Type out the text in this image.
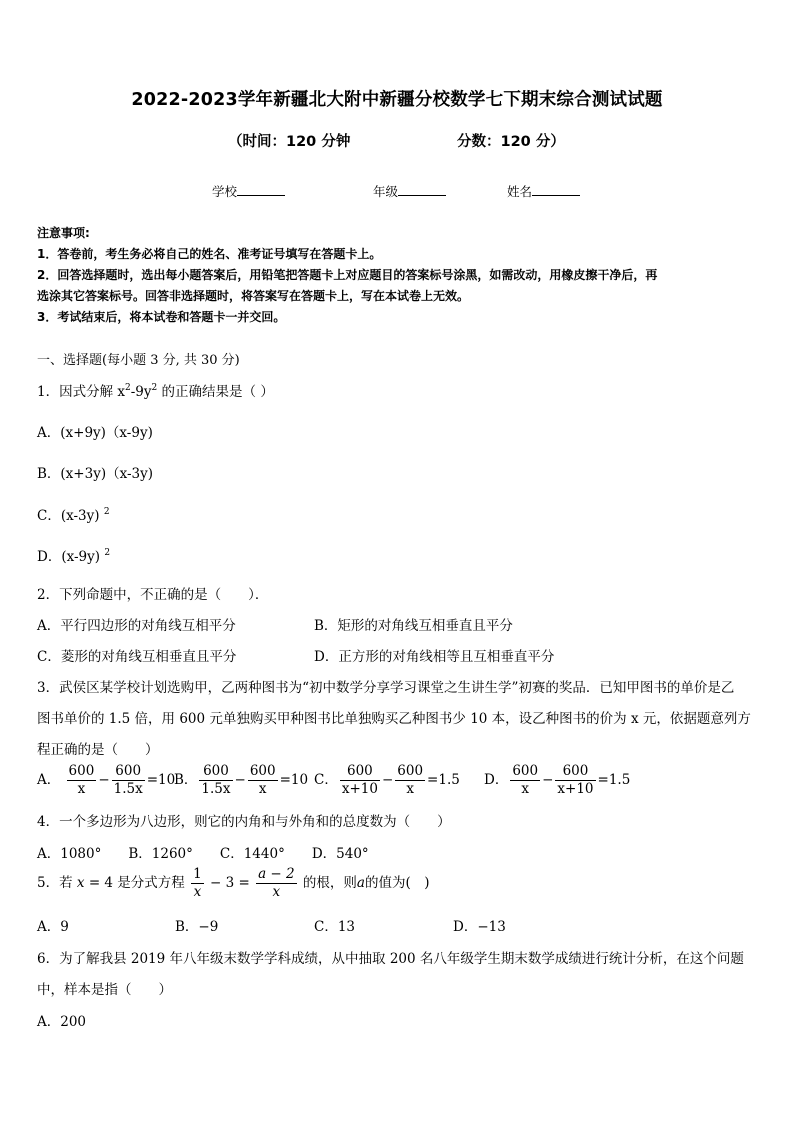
2022-2023学年新疆北大附中新疆分校数学七下期末综合测试试题
（时间：120 分钟	分数：120 分）
学校	年级	姓名
注意事项:
1．答卷前，考生务必将自己的姓名、准考证号填写在答题卡上。
2．回答选择题时，选出每小题答案后，用铅笔把答题卡上对应题目的答案标号涂黑，如需改动，用橡皮擦干净后，再
选涂其它答案标号。回答非选择题时，将答案写在答题卡上，写在本试卷上无效。
3．考试结束后，将本试卷和答题卡一并交回。
一、选择题(每小题 3 分, 共 30 分)
1．因式分解 $x^2-9y^2$ 的正确结果是（ ）
A．(x+9y)（x-9y)
B．(x+3y)（x-3y)
C．(x-3y) $^2$
D．(x-9y) $^2$
2．下列命题中，不正确的是（　　）．
A．平行四边形的对角线互相平分	B．矩形的对角线互相垂直且平分
C．菱形的对角线互相垂直且平分	D．正方形的对角线相等且互相垂直平分
3．武侯区某学校计划选购甲，乙两种图书为“初中数学分享学习课堂之生讲生学”初赛的奖品．已知甲图书的单价是乙
图书单价的 1.5 倍，用 600 元单独购买甲种图书比单独购买乙种图书少 10 本，设乙种图书的价为 x 元，依据题意列方
程正确的是（　　）
A． $\frac{600}{x} - \frac{600}{1.5x} =10$
B． $\frac{600}{1.5x} - \frac{600}{x} =10$ C． $\frac{600}{x+10} - \frac{600}{x} =1.5$ D． $\frac{600}{x} - \frac{600}{x+10} =1.5$
4．一个多边形为八边形，则它的内角和与外角和的总度数为（　　）
A．1080°　　B．1260°　　C．1440°　　D．540°
5．若 x = 4 是分式方程 $\frac{1}{x} - 3 = \frac{a - 2}{x}$ 的根，则a的值为(　)
A．9	B．−9	C．13	D．−13
6．为了解我县 2019 年八年级末数学学科成绩，从中抽取 200 名八年级学生期末数学成绩进行统计分析，在这个问题
中，样本是指（　　）
A．200
